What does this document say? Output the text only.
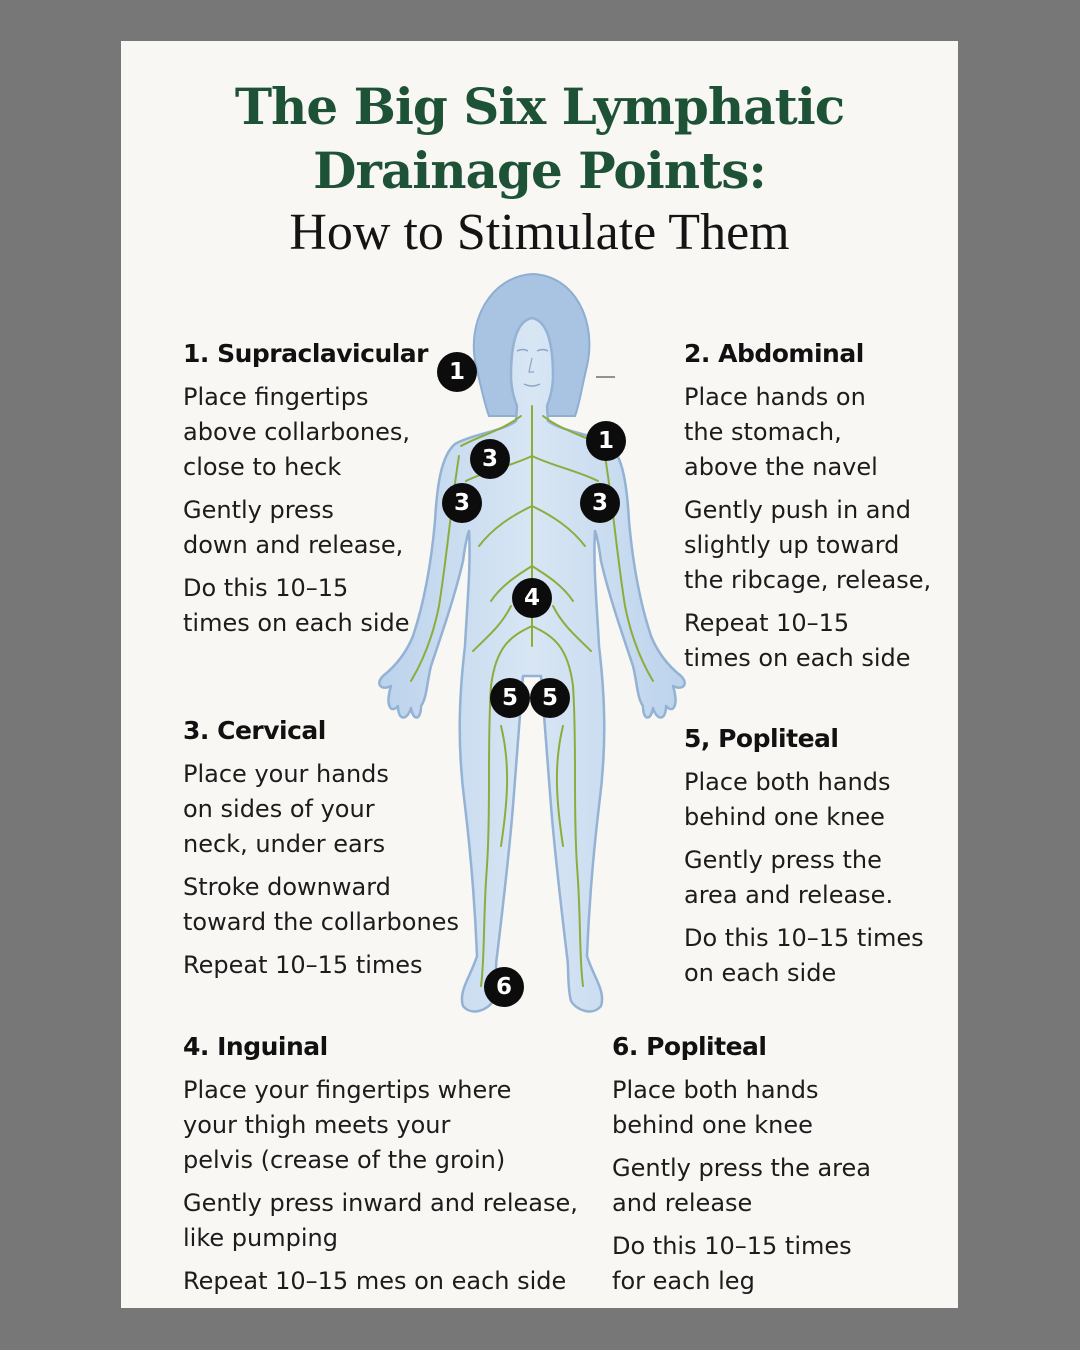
The Big Six Lymphatic
Drainage Points:
How to Stimulate Them
1
1
3
3	3
4
5	5
6
1. Supraclavicular

Place fingertips
above collarbones,
close to heck

Gently press
down and release,

Do this 10–15
times on each side

2. Abdominal

Place hands on
the stomach,
above the navel

Gently push in and
slightly up toward
the ribcage, release,

Repeat 10–15
times on each side

3. Cervical

Place your hands
on sides of your
neck, under ears

Stroke downward
toward the collarbones

Repeat 10–15 times

5, Popliteal

Place both hands
behind one knee

Gently press the
area and release.

Do this 10–15 times
on each side

4. Inguinal

Place your fingertips where
your thigh meets your
pelvis (crease of the groin)

Gently press inward and release,
like pumping

Repeat 10–15 mes on each side

6. Popliteal

Place both hands
behind one knee

Gently press the area
and release

Do this 10–15 times
for each leg
